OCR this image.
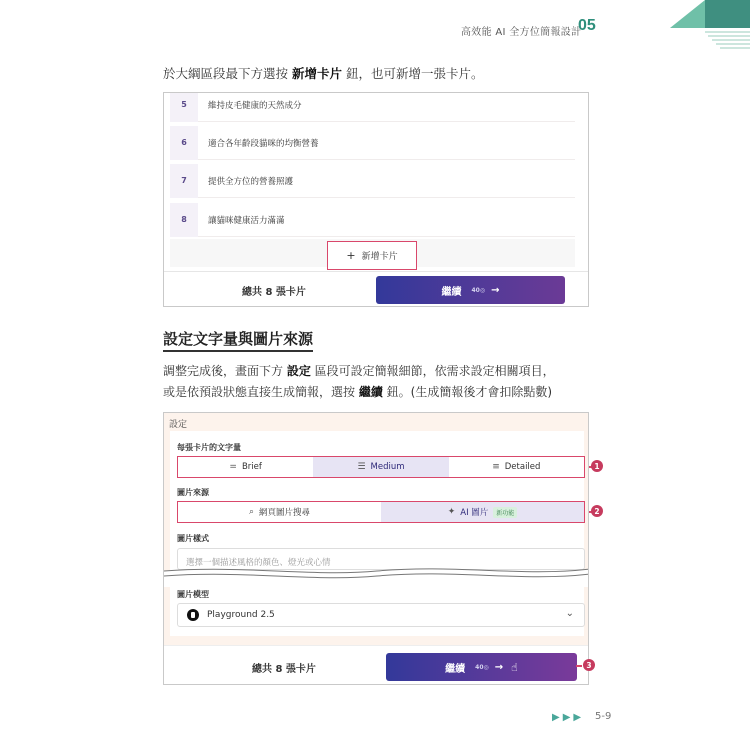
高效能 AI 全方位簡報設計
05
於大綱區段最下方選按 新增卡片 鈕，也可新增一張卡片。
5	維持皮毛健康的天然成分
6	適合各年齡段貓咪的均衡營養
7	提供全方位的營養照護
8	讓貓咪健康活力滿滿
+ 新增卡片
總共 8 張卡片	繼續 40◎ →
設定文字量與圖片來源
調整完成後，畫面下方 設定 區段可設定簡報細節，依需求設定相關項目，
或是依預設狀態直接生成簡報，選按 繼續 鈕。(生成簡報後才會扣除點數)
設定
每張卡片的文字量
= Brief	☰ Medium	≡ Detailed
圖片來源
⌕ 網頁圖片搜尋	✦ AI 圖片	新功能
圖片樣式
選擇一個描述風格的顏色、燈光或心情
圖片模型
Playground 2.5	⌄
總共 8 張卡片	繼續 40◎ → ☝
1
2
3
▶▶▶ 5-9
